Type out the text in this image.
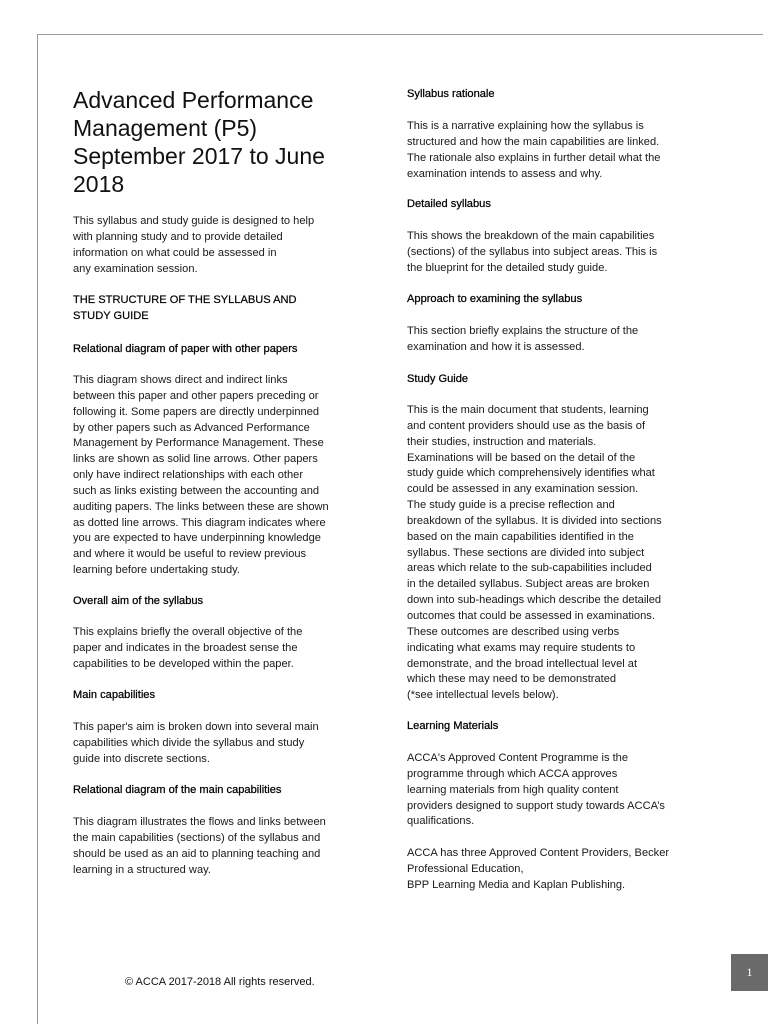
Advanced Performance
Management (P5)
September 2017 to June
2018

This syllabus and study guide is designed to help
with planning study and to provide detailed
information on what could be assessed in
any examination session.

THE STRUCTURE OF THE SYLLABUS AND
STUDY GUIDE

Relational diagram of paper with other papers

This diagram shows direct and indirect links
between this paper and other papers preceding or
following it. Some papers are directly underpinned
by other papers such as Advanced Performance
Management by Performance Management. These
links are shown as solid line arrows. Other papers
only have indirect relationships with each other
such as links existing between the accounting and
auditing papers. The links between these are shown
as dotted line arrows. This diagram indicates where
you are expected to have underpinning knowledge
and where it would be useful to review previous
learning before undertaking study.

Overall aim of the syllabus

This explains briefly the overall objective of the
paper and indicates in the broadest sense the
capabilities to be developed within the paper.

Main capabilities

This paper's aim is broken down into several main
capabilities which divide the syllabus and study
guide into discrete sections.

Relational diagram of the main capabilities

This diagram illustrates the flows and links between
the main capabilities (sections) of the syllabus and
should be used as an aid to planning teaching and
learning in a structured way.

Syllabus rationale

This is a narrative explaining how the syllabus is
structured and how the main capabilities are linked.
The rationale also explains in further detail what the
examination intends to assess and why.

Detailed syllabus

This shows the breakdown of the main capabilities
(sections) of the syllabus into subject areas. This is
the blueprint for the detailed study guide.

Approach to examining the syllabus

This section briefly explains the structure of the
examination and how it is assessed.

Study Guide

This is the main document that students, learning
and content providers should use as the basis of
their studies, instruction and materials.
Examinations will be based on the detail of the
study guide which comprehensively identifies what
could be assessed in any examination session.
The study guide is a precise reflection and
breakdown of the syllabus. It is divided into sections
based on the main capabilities identified in the
syllabus. These sections are divided into subject
areas which relate to the sub-capabilities included
in the detailed syllabus. Subject areas are broken
down into sub-headings which describe the detailed
outcomes that could be assessed in examinations.
These outcomes are described using verbs
indicating what exams may require students to
demonstrate, and the broad intellectual level at
which these may need to be demonstrated
(*see intellectual levels below).

Learning Materials

ACCA's Approved Content Programme is the
programme through which ACCA approves
learning materials from high quality content
providers designed to support study towards ACCA’s
qualifications.

ACCA has three Approved Content Providers, Becker
Professional Education,
BPP Learning Media and Kaplan Publishing.

© ACCA 2017-2018 All rights reserved.
1
